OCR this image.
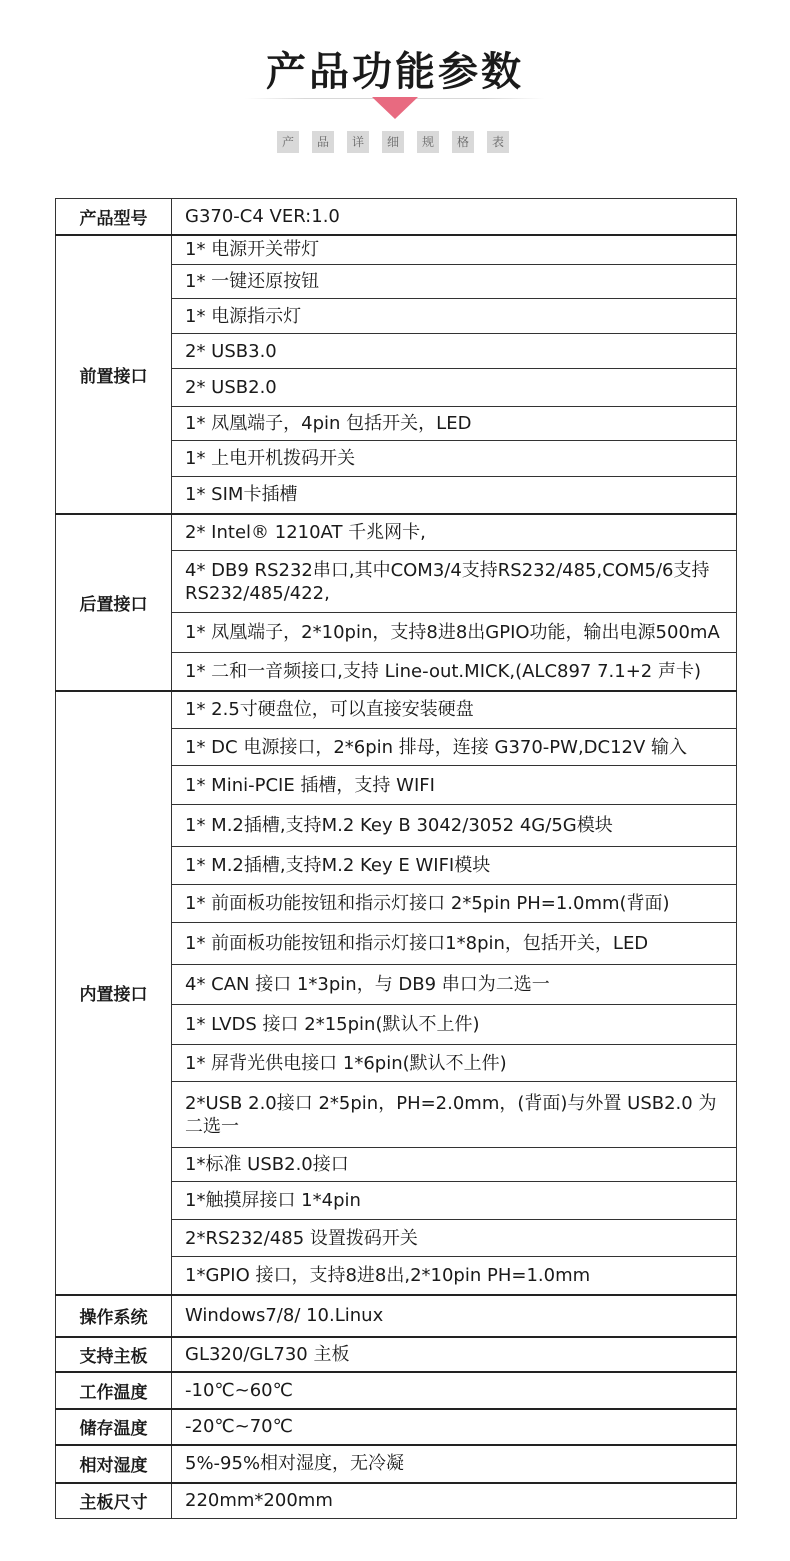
产品功能参数
产	品	详	细	规	格	表
产品型号	G370-C4 VER:1.0
前置接口	1* 电源开关带灯
	1* 一键还原按钮
	1* 电源指示灯
	2* USB3.0
	2* USB2.0
	1* 凤凰端子，4pin 包括开关，LED
	1* 上电开机拨码开关
	1* SIM卡插槽
后置接口	2* Intel® 1210AT 千兆网卡,
	4* DB9 RS232串口,其中COM3/4支持RS232/485,COM5/6支持RS232/485/422,
	1* 凤凰端子，2*10pin，支持8进8出GPIO功能，输出电源500mA
	1* 二和一音频接口,支持 Line-out.MICK,(ALC897 7.1+2 声卡)
内置接口	1* 2.5寸硬盘位，可以直接安装硬盘
	1* DC 电源接口，2*6pin 排母，连接 G370-PW,DC12V 输入
	1* Mini-PCIE 插槽，支持 WIFI
	1* M.2插槽,支持M.2 Key B 3042/3052 4G/5G模块
	1* M.2插槽,支持M.2 Key E WIFI模块
	1* 前面板功能按钮和指示灯接口 2*5pin PH=1.0mm(背面)
	1* 前面板功能按钮和指示灯接口1*8pin，包括开关，LED
	4* CAN 接口 1*3pin，与 DB9 串口为二选一
	1* LVDS 接口 2*15pin(默认不上件)
	1* 屏背光供电接口 1*6pin(默认不上件)
	2*USB 2.0接口 2*5pin，PH=2.0mm，(背面)与外置 USB2.0 为二选一
	1*标准 USB2.0接口
	1*触摸屏接口 1*4pin
	2*RS232/485 设置拨码开关
	1*GPIO 接口，支持8进8出,2*10pin PH=1.0mm
操作系统	Windows7/8/ 10.Linux
支持主板	GL320/GL730 主板
工作温度	-10℃~60℃
储存温度	-20℃~70℃
相对湿度	5%-95%相对湿度，无冷凝
主板尺寸	220mm*200mm
